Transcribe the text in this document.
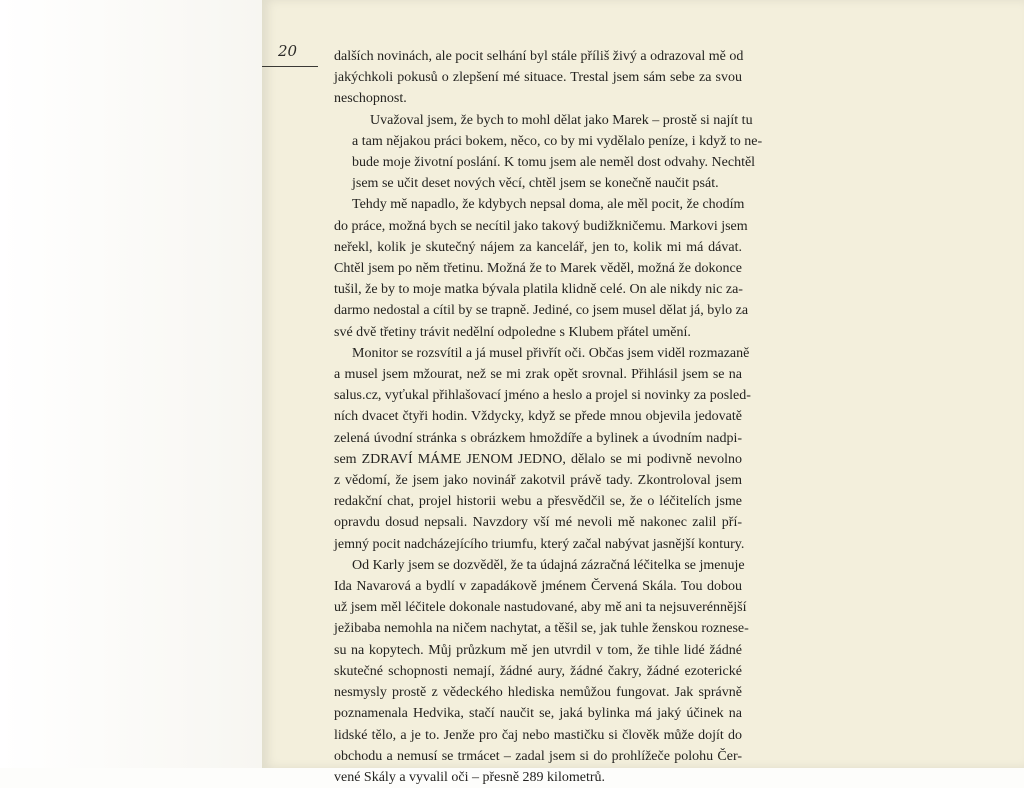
20	dalších novinách, ale pocit selhání byl stále příliš živý a odrazoval mě od
jakýchkoli pokusů o zlepšení mé situace. Trestal jsem sám sebe za svou
neschopnost.

Uvažoval jsem, že bych to mohl dělat jako Marek – prostě si najít tu
a tam nějakou práci bokem, něco, co by mi vydělalo peníze, i když to ne-
bude moje životní poslání. K tomu jsem ale neměl dost odvahy. Nechtěl
jsem se učit deset nových věcí, chtěl jsem se konečně naučit psát.

Tehdy mě napadlo, že kdybych nepsal doma, ale měl pocit, že chodím
do práce, možná bych se necítil jako takový budižkničemu. Markovi jsem
neřekl, kolik je skutečný nájem za kancelář, jen to, kolik mi má dávat.
Chtěl jsem po něm třetinu. Možná že to Marek věděl, možná že dokonce
tušil, že by to moje matka bývala platila klidně celé. On ale nikdy nic za-
darmo nedostal a cítil by se trapně. Jediné, co jsem musel dělat já, bylo za
své dvě třetiny trávit nedělní odpoledne s Klubem přátel umění.

Monitor se rozsvítil a já musel přivřít oči. Občas jsem viděl rozmazaně
a musel jsem mžourat, než se mi zrak opět srovnal. Přihlásil jsem se na
salus.cz, vyťukal přihlašovací jméno a heslo a projel si novinky za posled-
ních dvacet čtyři hodin. Vždycky, když se přede mnou objevila jedovatě
zelená úvodní stránka s obrázkem hmoždíře a bylinek a úvodním nadpi-
sem ZDRAVÍ MÁME JENOM JEDNO, dělalo se mi podivně nevolno
z vědomí, že jsem jako novinář zakotvil právě tady. Zkontroloval jsem
redakční chat, projel historii webu a přesvědčil se, že o léčitelích jsme
opravdu dosud nepsali. Navzdory vší mé nevoli mě nakonec zalil pří-
jemný pocit nadcházejícího triumfu, který začal nabývat jasnější kontury.

Od Karly jsem se dozvěděl, že ta údajná zázračná léčitelka se jmenuje
Ida Navarová a bydlí v zapadákově jménem Červená Skála. Tou dobou
už jsem měl léčitele dokonale nastudované, aby mě ani ta nejsuverénnější
ježibaba nemohla na ničem nachytat, a těšil se, jak tuhle ženskou roznese-
su na kopytech. Můj průzkum mě jen utvrdil v tom, že tihle lidé žádné
skutečné schopnosti nemají, žádné aury, žádné čakry, žádné ezoterické
nesmysly prostě z vědeckého hlediska nemůžou fungovat. Jak správně
poznamenala Hedvika, stačí naučit se, jaká bylinka má jaký účinek na
lidské tělo, a je to. Jenže pro čaj nebo mastičku si člověk může dojít do
obchodu a nemusí se trmácet – zadal jsem si do prohlížeče polohu Čer-
vené Skály a vyvalil oči – přesně 289 kilometrů.
